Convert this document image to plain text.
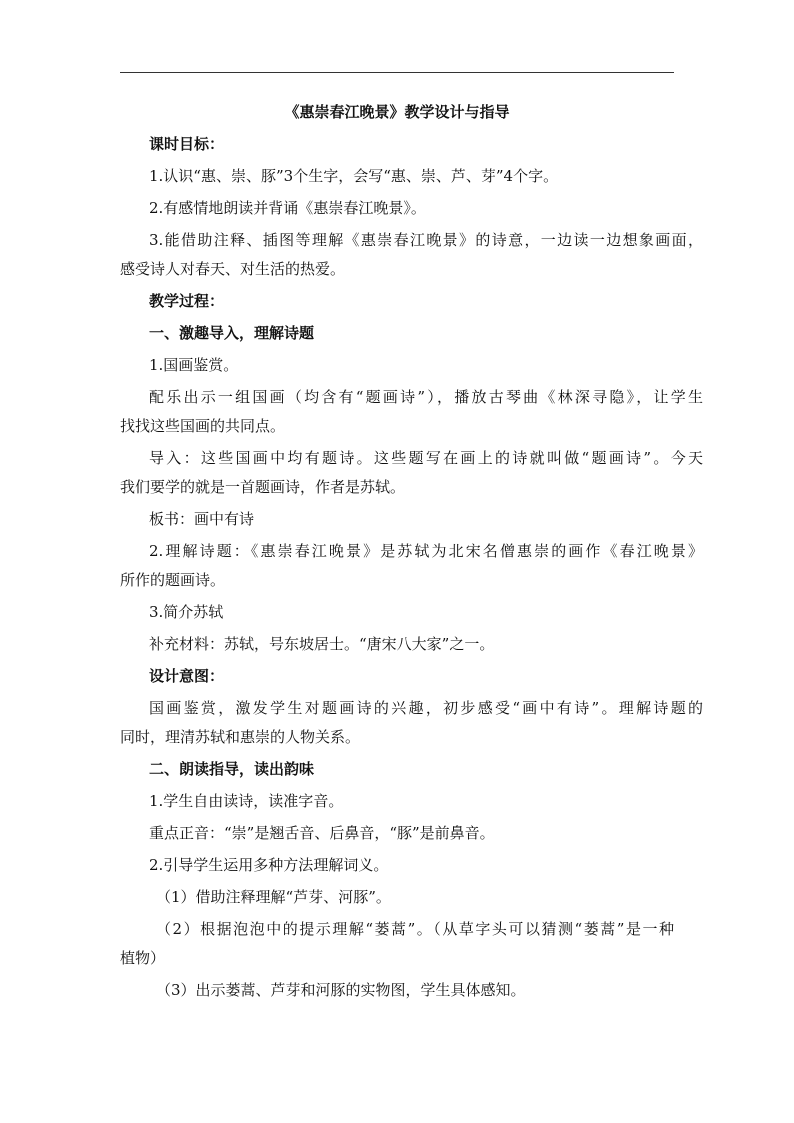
《惠崇春江晚景》教学设计与指导
课时目标：
1.认识“惠、崇、豚”3个生字，会写“惠、崇、芦、芽”4个字。
2.有感情地朗读并背诵《惠崇春江晚景》。
3.能借助注释、插图等理解《惠崇春江晚景》的诗意，一边读一边想象画面，
感受诗人对春天、对生活的热爱。
教学过程：
一、激趣导入，理解诗题
1.国画鉴赏。
配乐出示一组国画（均含有“题画诗”），播放古琴曲《林深寻隐》，让学生
找找这些国画的共同点。
导入：这些国画中均有题诗。这些题写在画上的诗就叫做“题画诗”。今天
我们要学的就是一首题画诗，作者是苏轼。
板书：画中有诗
2.理解诗题：《惠崇春江晚景》是苏轼为北宋名僧惠崇的画作《春江晚景》
所作的题画诗。
3.简介苏轼
补充材料：苏轼，号东坡居士。“唐宋八大家”之一。
设计意图：
国画鉴赏，激发学生对题画诗的兴趣，初步感受“画中有诗”。理解诗题的
同时，理清苏轼和惠崇的人物关系。
二、朗读指导，读出韵味
1.学生自由读诗，读准字音。
重点正音：“崇”是翘舌音、后鼻音，“豚”是前鼻音。
2.引导学生运用多种方法理解词义。
（1）借助注释理解“芦芽、河豚”。
（2）根据泡泡中的提示理解“蒌蒿”。（从草字头可以猜测“蒌蒿”是一种
植物）
（3）出示蒌蒿、芦芽和河豚的实物图，学生具体感知。
